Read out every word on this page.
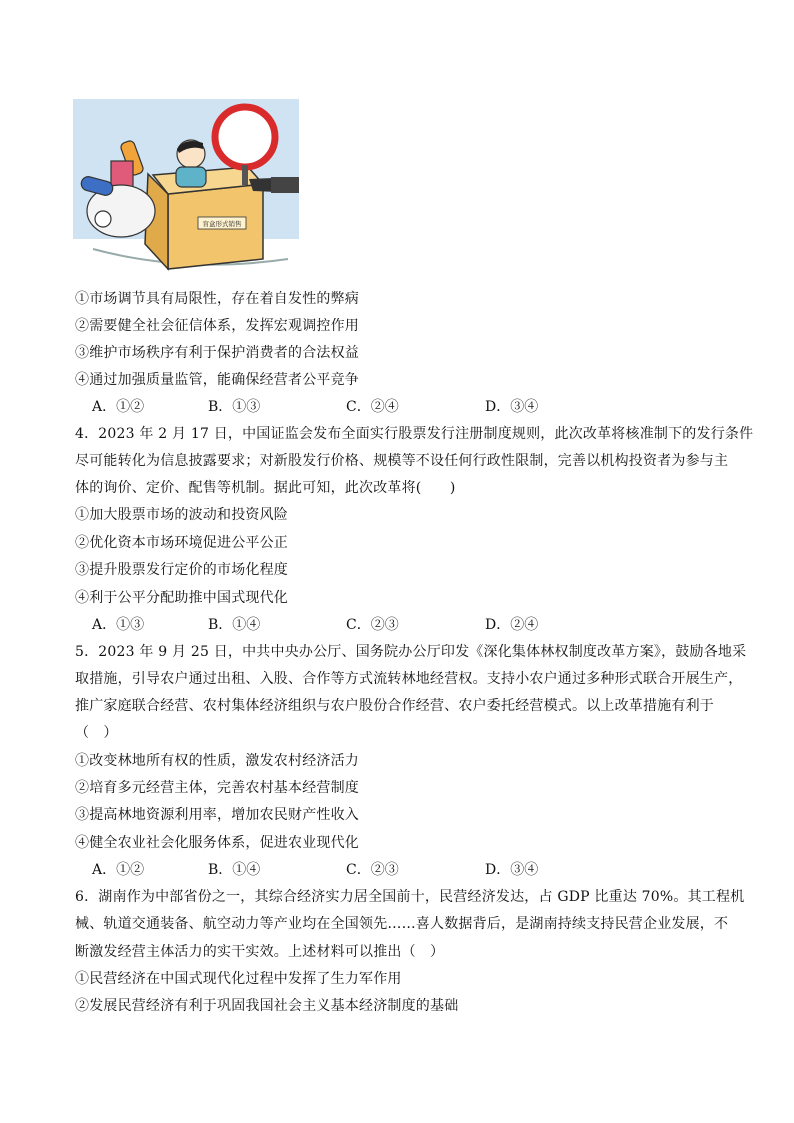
盲盒形式销售
①市场调节具有局限性，存在着自发性的弊病
②需要健全社会征信体系，发挥宏观调控作用
③维护市场秩序有利于保护消费者的合法权益
④通过加强质量监管，能确保经营者公平竞争
A．①②	B．①③	C．②④	D．③④
4．2023 年 2 月 17 日，中国证监会发布全面实行股票发行注册制度规则，此次改革将核准制下的发行条件
尽可能转化为信息披露要求；对新股发行价格、规模等不设任何行政性限制，完善以机构投资者为参与主
体的询价、定价、配售等机制。据此可知，此次改革将(　　)
①加大股票市场的波动和投资风险
②优化资本市场环境促进公平公正
③提升股票发行定价的市场化程度
④利于公平分配助推中国式现代化
A．①③	B．①④	C．②③	D．②④
5．2023 年 9 月 25 日，中共中央办公厅、国务院办公厅印发《深化集体林权制度改革方案》，鼓励各地采
取措施，引导农户通过出租、入股、合作等方式流转林地经营权。支持小农户通过多种形式联合开展生产，
推广家庭联合经营、农村集体经济组织与农户股份合作经营、农户委托经营模式。以上改革措施有利于
（　）
①改变林地所有权的性质，激发农村经济活力
②培育多元经营主体，完善农村基本经营制度
③提高林地资源利用率，增加农民财产性收入
④健全农业社会化服务体系，促进农业现代化
A．①②	B．①④	C．②③	D．③④
6．湖南作为中部省份之一，其综合经济实力居全国前十，民营经济发达，占 GDP 比重达 70%。其工程机
械、轨道交通装备、航空动力等产业均在全国领先……喜人数据背后，是湖南持续支持民营企业发展，不
断激发经营主体活力的实干实效。上述材料可以推出（　）
①民营经济在中国式现代化过程中发挥了生力军作用
②发展民营经济有利于巩固我国社会主义基本经济制度的基础
